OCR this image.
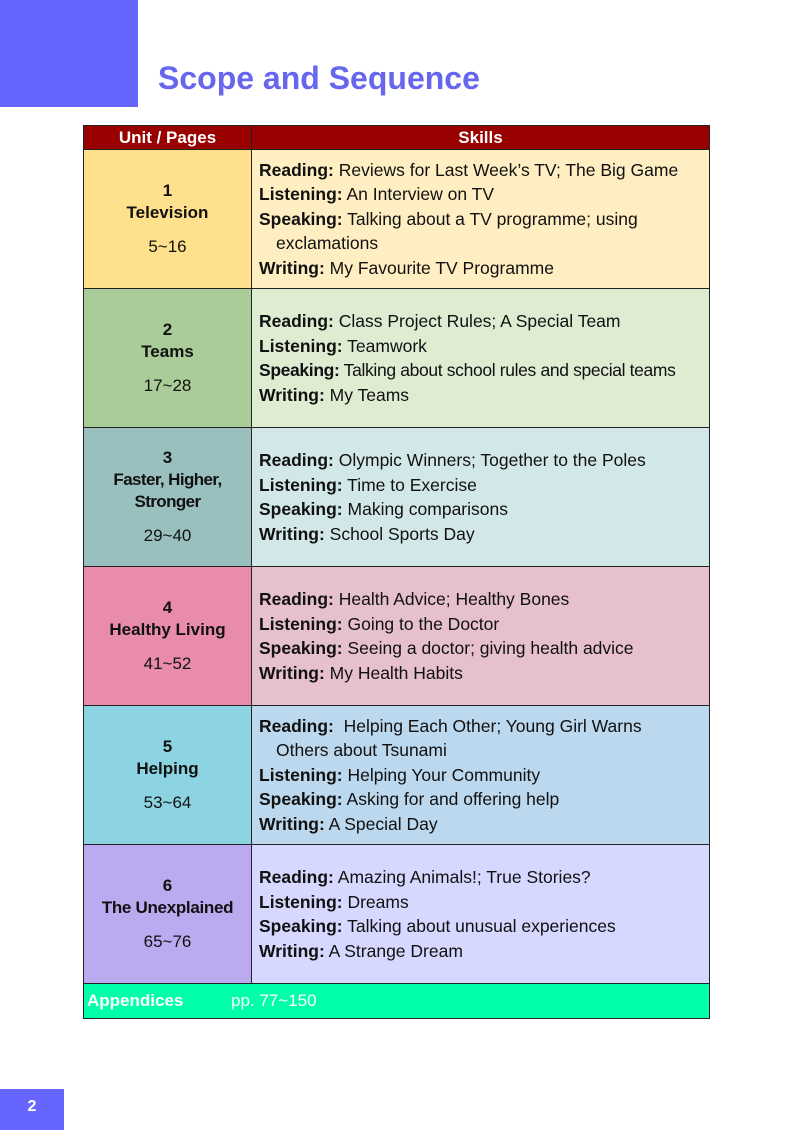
Scope and Sequence
Unit / Pages	Skills

1
Television
5~16	Reading: Reviews for Last Week’s TV; The Big Game
Listening: An Interview on TV
Speaking: Talking about a TV programme; using
exclamations
Writing: My Favourite TV Programme

2
Teams
17~28	Reading: Class Project Rules; A Special Team
Listening: Teamwork
Speaking: Talking about school rules and special teams
Writing: My Teams

3
Faster, Higher,
Stronger
29~40	Reading: Olympic Winners; Together to the Poles
Listening: Time to Exercise
Speaking: Making comparisons
Writing: School Sports Day

4
Healthy Living
41~52	Reading: Health Advice; Healthy Bones
Listening: Going to the Doctor
Speaking: Seeing a doctor; giving health advice
Writing: My Health Habits

5
Helping
53~64	Reading:  Helping Each Other; Young Girl Warns
Others about Tsunami
Listening: Helping Your Community
Speaking: Asking for and offering help
Writing: A Special Day

6
The Unexplained
65~76	Reading: Amazing Animals!; True Stories?
Listening: Dreams
Speaking: Talking about unusual experiences
Writing: A Strange Dream

Appendices pp. 77~150	
2
